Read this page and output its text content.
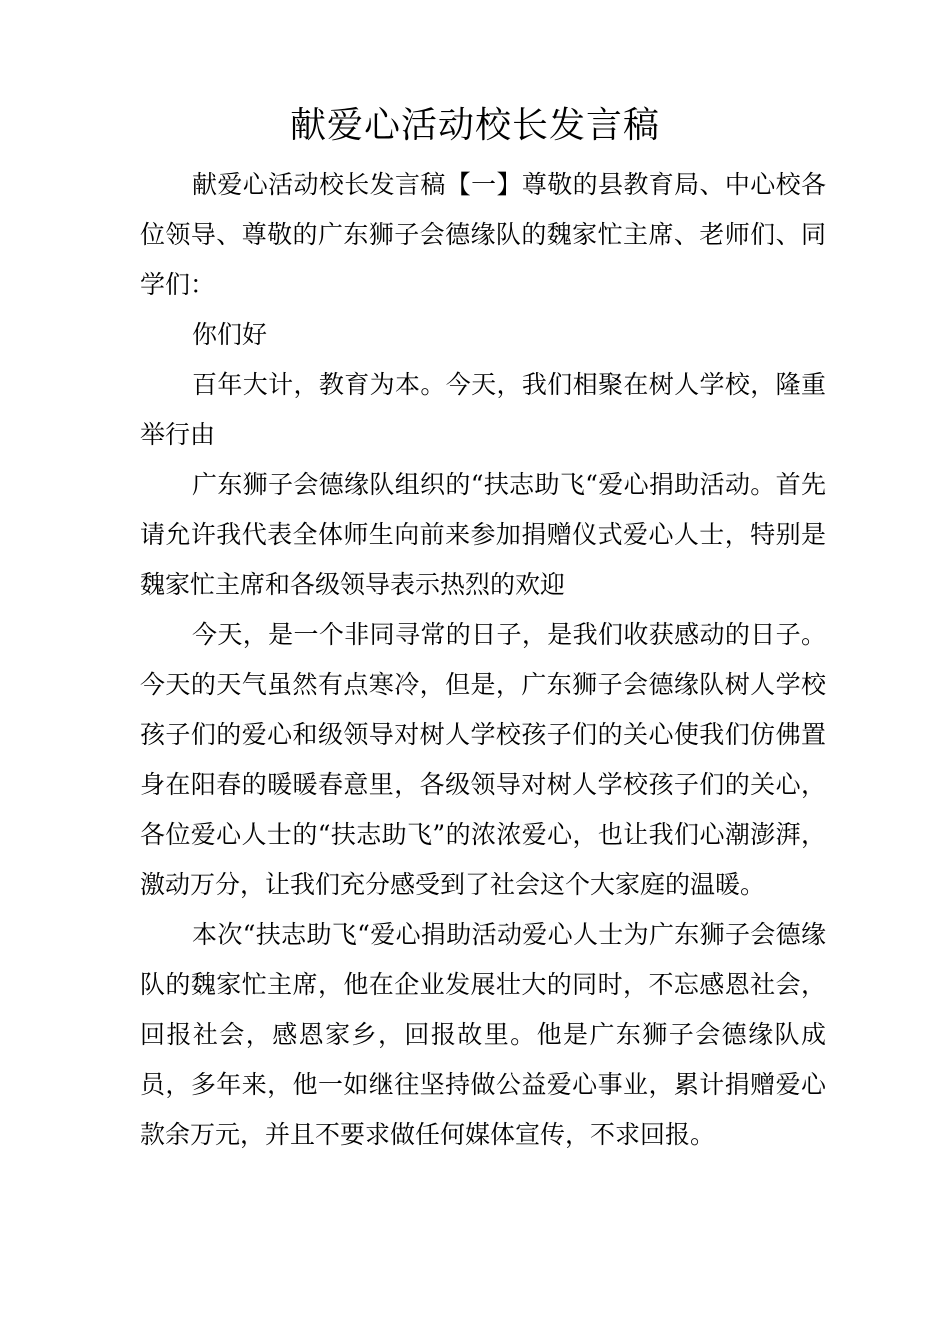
献爱心活动校长发言稿

献爱心活动校长发言稿【一】尊敬的县教育局、中心校各位领导、尊敬的广东狮子会德缘队的魏家忙主席、老师们、同学们：

你们好

百年大计，教育为本。今天，我们相聚在树人学校，隆重举行由

广东狮子会德缘队组织的“扶志助飞“爱心捐助活动。首先请允许我代表全体师生向前来参加捐赠仪式爱心人士，特别是魏家忙主席和各级领导表示热烈的欢迎

今天，是一个非同寻常的日子，是我们收获感动的日子。今天的天气虽然有点寒冷，但是，广东狮子会德缘队树人学校孩子们的爱心和级领导对树人学校孩子们的关心使我们仿佛置身在阳春的暖暖春意里，各级领导对树人学校孩子们的关心，各位爱心人士的“扶志助飞”的浓浓爱心，也让我们心潮澎湃，激动万分，让我们充分感受到了社会这个大家庭的温暖。

本次“扶志助飞“爱心捐助活动爱心人士为广东狮子会德缘队的魏家忙主席，他在企业发展壮大的同时，不忘感恩社会，回报社会，感恩家乡，回报故里。他是广东狮子会德缘队成员，多年来，他一如继往坚持做公益爱心事业，累计捐赠爱心款余万元，并且不要求做任何媒体宣传，不求回报。
